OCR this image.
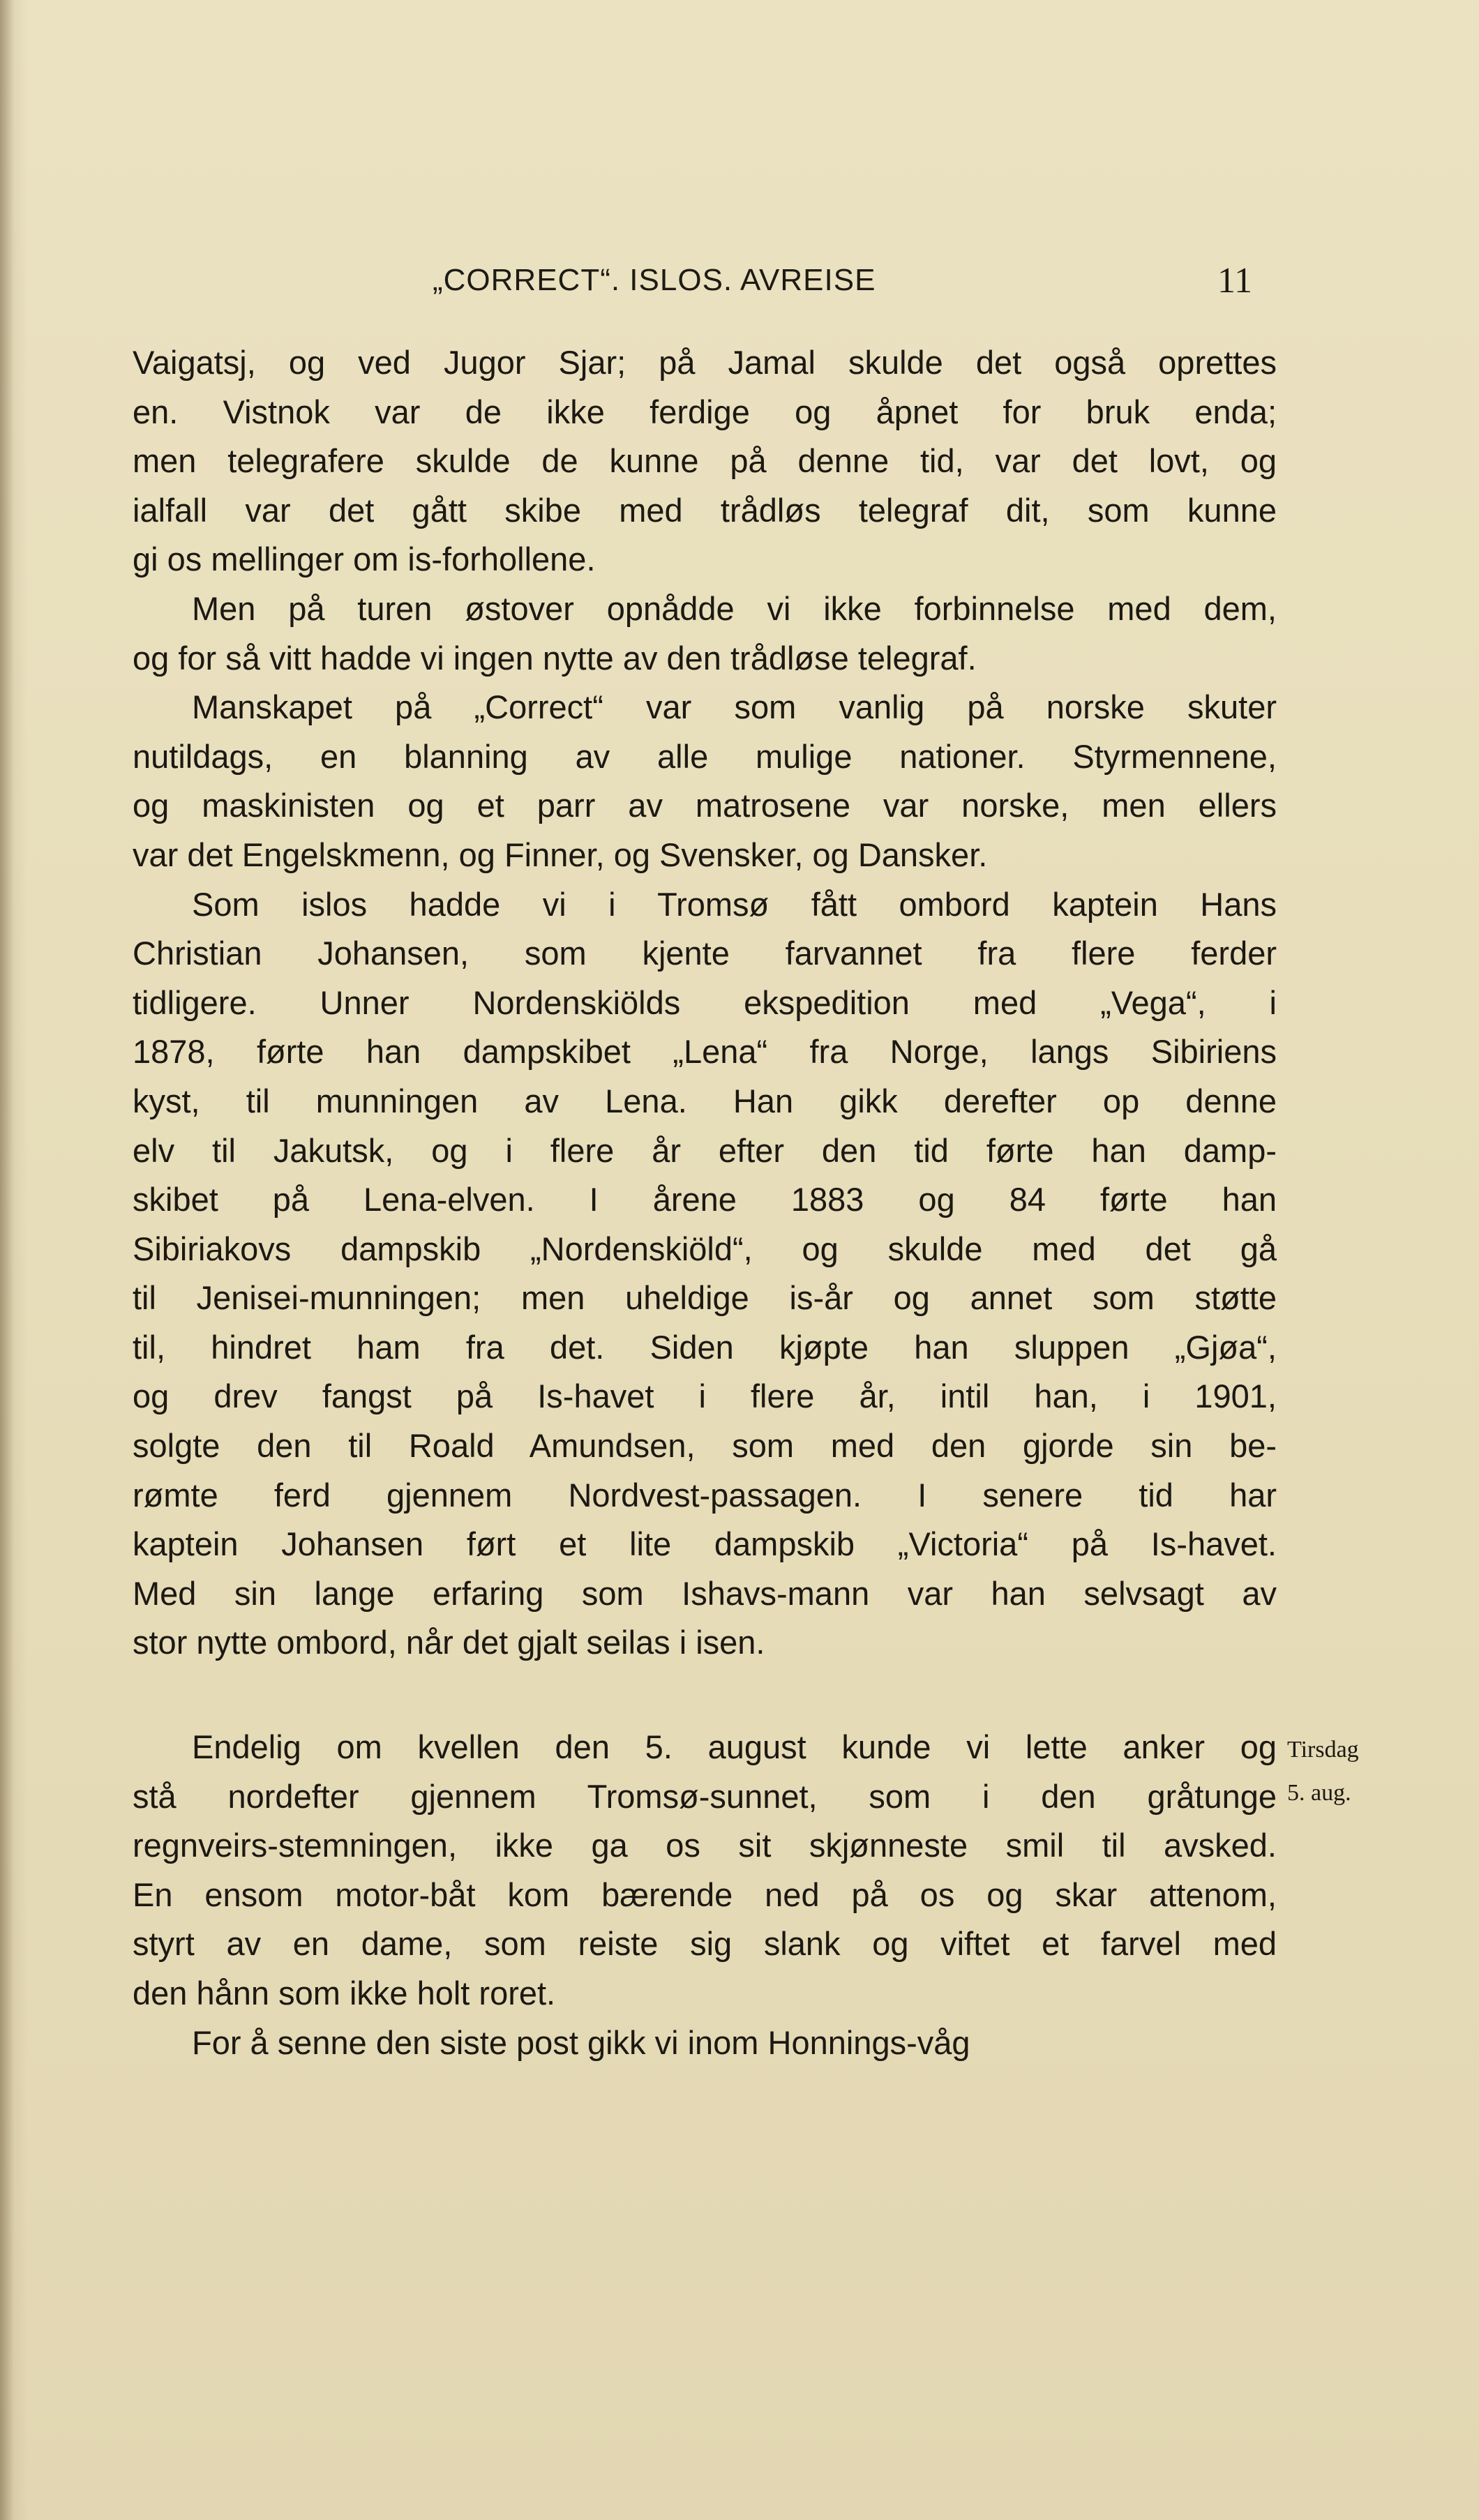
„CORRECT“. ISLOS. AVREISE	11
Vaigatsj, og ved Jugor Sjar; på Jamal skulde det også oprettes
en. Vistnok var de ikke ferdige og åpnet for bruk enda;
men telegrafere skulde de kunne på denne tid, var det lovt, og
ialfall var det gått skibe med trådløs telegraf dit, som kunne
gi os mellinger om is-forhollene.
Men på turen østover opnådde vi ikke forbinnelse med dem,
og for så vitt hadde vi ingen nytte av den trådløse telegraf.
Manskapet på „Correct“ var som vanlig på norske skuter
nutildags, en blanning av alle mulige nationer. Styrmennene,
og maskinisten og et parr av matrosene var norske, men ellers
var det Engelskmenn, og Finner, og Svensker, og Dansker.
Som islos hadde vi i Tromsø fått ombord kaptein Hans
Christian Johansen, som kjente farvannet fra flere ferder
tidligere. Unner Nordenskiölds ekspedition med „Vega“, i
1878, førte han dampskibet „Lena“ fra Norge, langs Sibiriens
kyst, til munningen av Lena. Han gikk derefter op denne
elv til Jakutsk, og i flere år efter den tid førte han damp-
skibet på Lena-elven. I årene 1883 og 84 førte han
Sibiriakovs dampskib „Nordenskiöld“, og skulde med det gå
til Jenisei-munningen; men uheldige is-år og annet som støtte
til, hindret ham fra det. Siden kjøpte han sluppen „Gjøa“,
og drev fangst på Is-havet i flere år, intil han, i 1901,
solgte den til Roald Amundsen, som med den gjorde sin be-
rømte ferd gjennem Nordvest-passagen. I senere tid har
kaptein Johansen ført et lite dampskib „Victoria“ på Is-havet.
Med sin lange erfaring som Ishavs-mann var han selvsagt av
stor nytte ombord, når det gjalt seilas i isen.
Endelig om kvellen den 5. august kunde vi lette anker og
stå nordefter gjennem Tromsø-sunnet, som i den gråtunge
regnveirs-stemningen, ikke ga os sit skjønneste smil til avsked.
En ensom motor-båt kom bærende ned på os og skar attenom,
styrt av en dame, som reiste sig slank og viftet et farvel med
den hånn som ikke holt roret.
For å senne den siste post gikk vi inom Honnings-våg
Tirsdag
5. aug.
